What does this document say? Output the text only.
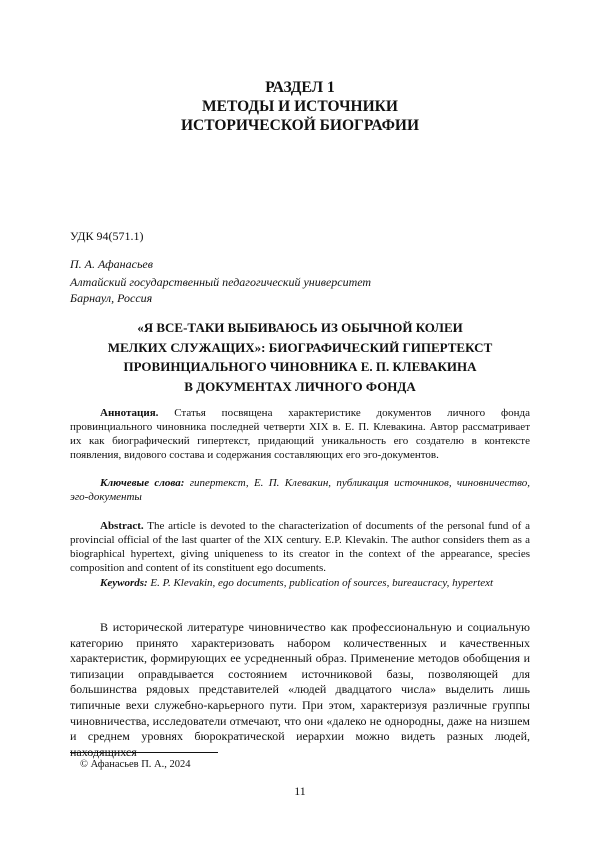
РАЗДЕЛ 1
МЕТОДЫ И ИСТОЧНИКИ
ИСТОРИЧЕСКОЙ БИОГРАФИИ
УДК 94(571.1)
П. А. Афанасьев
Алтайский государственный педагогический университет
Барнаул, Россия
«Я ВСЕ-ТАКИ ВЫБИВАЮСЬ ИЗ ОБЫЧНОЙ КОЛЕИ
МЕЛКИХ СЛУЖАЩИХ»: БИОГРАФИЧЕСКИЙ ГИПЕРТЕКСТ
ПРОВИНЦИАЛЬНОГО ЧИНОВНИКА Е. П. КЛЕВАКИНА
В ДОКУМЕНТАХ ЛИЧНОГО ФОНДА
Аннотация. Статья посвящена характеристике документов личного фонда провинциального чиновника последней четверти XIX в. Е. П. Клевакина. Автор рассматривает их как биографический гипертекст, придающий уникальность его создателю в контексте появления, видового состава и содержания составляющих его эго-документов.
Ключевые слова: гипертекст, Е. П. Клевакин, публикация источников, чиновничество, эго-документы
Abstract. The article is devoted to the characterization of documents of the personal fund of a provincial official of the last quarter of the XIX century. E.P. Klevakin. The author considers them as a biographical hypertext, giving uniqueness to its creator in the context of the appearance, species composition and content of its constituent ego documents.
Keywords: E. P. Klevakin, ego documents, publication of sources, bureaucracy, hypertext
В исторической литературе чиновничество как профессиональную и социальную категорию принято характеризовать набором количественных и качественных характеристик, формирующих ее усредненный образ. Применение методов обобщения и типизации оправдывается состоянием источниковой базы, позволяющей для большинства рядовых представителей «людей двадцатого числа» выделить лишь типичные вехи служебно-карьерного пути. При этом, характеризуя различные группы чиновничества, исследователи отмечают, что они «далеко не однородны, даже на низшем и среднем уровнях бюрократической иерархии можно видеть разных людей, находящихся
© Афанасьев П. А., 2024
11
